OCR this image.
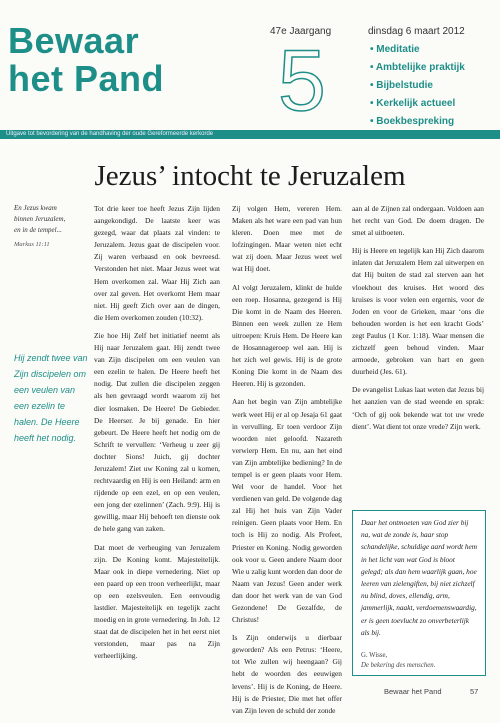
Bewaar
het Pand
47e Jaargang	dinsdag 6 maart 2012
5
•	Meditatie
• Ambtelijke praktijk
• Bijbelstudie
• Kerkelijk actueel
• Boekbespreking
Uitgave tot bevordering van de handhaving der oude Gereformeerde kerkorde
Jezus’ intocht te Jeruzalem
En Jezus kwam binnen Jeruzalem, en in de tempel...
Markus 11:11
Hij zendt twee van Zijn discipelen om een veulen van een ezelin te halen. De Heere heeft het nodig.

Tot drie keer toe heeft Jezus Zijn lijden aangekondigd. De laatste keer was gezegd, waar dat plaats zal vinden: te Jeruzalem. Jezus gaat de discipelen voor. Zij waren verbaasd en ook bevreesd. Verstonden het niet. Maar Jezus weet wat Hem overkomen zal. Waar Hij Zich aan over zal geven. Het overkomt Hem maar niet. Hij geeft Zich over aan de dingen, die Hem overkomen zouden (10:32).

Zie hoe Hij Zelf het initiatief neemt als Hij naar Jeruzalem gaat. Hij zendt twee van Zijn discipelen om een veulen van een ezelin te halen. De Heere heeft het nodig. Dat zullen die discipelen zeggen als hen gevraagd wordt waarom zij het dier losmaken. De Heere! De Gebieder. De Heerser. Je bij genade. En hier gebeurt. De Heere heeft het nodig om de Schrift te vervullen: ‘Verheug u zeer gij dochter Sions! Juich, gij dochter Jeruzalem! Ziet uw Koning zal u komen, rechtvaardig en Hij is een Heiland: arm en rijdende op een ezel, en op een veulen, een jong der ezelinnen’ (Zach. 9:9). Hij is gewillig, maar Hij behoeft ten dienste ook de hele gang van zaken.

Dat moet de verheuging van Jeruzalem zijn. De Koning komt. Majesteitelijk. Maar ook in diepe vernedering. Niet op een paard op een troon verheerlijkt, maar op een ezelsveulen. Een eenvoudig lastdier. Majesteitelijk en tegelijk zacht moedig en in grote vernedering. In Joh. 12 staat dat de discipelen het in het eerst niet verstonden, maar pas na Zijn verheerlijking.

Zij volgen Hem, vereren Hem. Maken als het ware een pad van hun kleren. Doen mee met de lofzingingen. Maar weten niet echt wat zij doen. Maar Jezus weet wel wat Hij doet.

Al volgt Jeruzalem, klinkt de hulde een roep. Hosanna, gezegend is Hij Die komt in de Naam des Heeren. Binnen een week zullen ze Hem uitroepen: Kruis Hem. De Heere kan de Hosannageroep wel aan. Hij is het zich wel gewis. Hij is de grote Koning Die komt in de Naam des Heeren. Hij is gezonden.

Aan het begin van Zijn ambtelijke werk weet Hij er al op Jesaja 61 gaat in vervulling. Er toen verdoor Zijn woorden niet geloofd. Nazareth verwierp Hem. En nu, aan het eind van Zijn ambtelijke bediening? In de tempel is er geen plaats voor Hem. Wel voor de handel. Voor het verdienen van geld. De volgende dag zal Hij het huis van Zijn Vader reinigen. Geen plaats voor Hem. En toch is Hij zo nodig. Als Profeet, Priester en Koning. Nodig geworden ook voor u. Geen andere Naam door Wie u zalig kunt worden dan door de Naam van Jezus! Geen ander werk dan door het werk van de van God Gezondene! De Gezalfde, de Christus!

Is Zijn onderwijs u dierbaar geworden? Als een Petrus: ‘Heere, tot Wie zullen wij heengaan? Gij hebt de woorden des eeuwigen levens’. Hij is de Koning, de Heere. Hij is de Priester, Die met het offer van Zijn leven de schuld der zonde

aan al de Zijnen zal ondergaan. Voldoen aan het recht van God. De doem dragen. De smet al uitboeten.

Hij is Heere en tegelijk kan Hij Zich daarom inlaten dat Jeruzalem Hem zal uitwerpen en dat Hij buiten de stad zal sterven aan het vloekhout des kruises. Het woord des kruises is voor velen een ergernis, voor de Joden en voor de Grieken, maar ‘ons die behouden worden is het een kracht Gods’ zegt Paulus (1 Kor. 1:18). Waar mensen die zichzelf geen behoud vinden. Maar armoede, gebroken van hart en geen duurheid (Jes. 61).

De evangelist Lukas laat weten dat Jezus bij het aanzien van de stad weende en sprak: ‘Och of gij ook bekende wat tot uw vrede dient’. Wat dient tot onze vrede? Zijn werk.

Daar het ontmoeten van God zier bij na, wat de zonde is, haar stop schandelijke, schuldige aard wordt hem in het licht van wat God is bloot gelegd; als dan hem waarlijk gaan, hoe leeren van zielengiften, bij niet zichzelf nu blind, doves, ellendig, arm, jammerlijk, naakt, verdoemenswaardig, er is geen toevlucht zo onverbeterlijk als bij.
G. Wisse,
De bekering des menschen.
Bewaar het Pand	57
